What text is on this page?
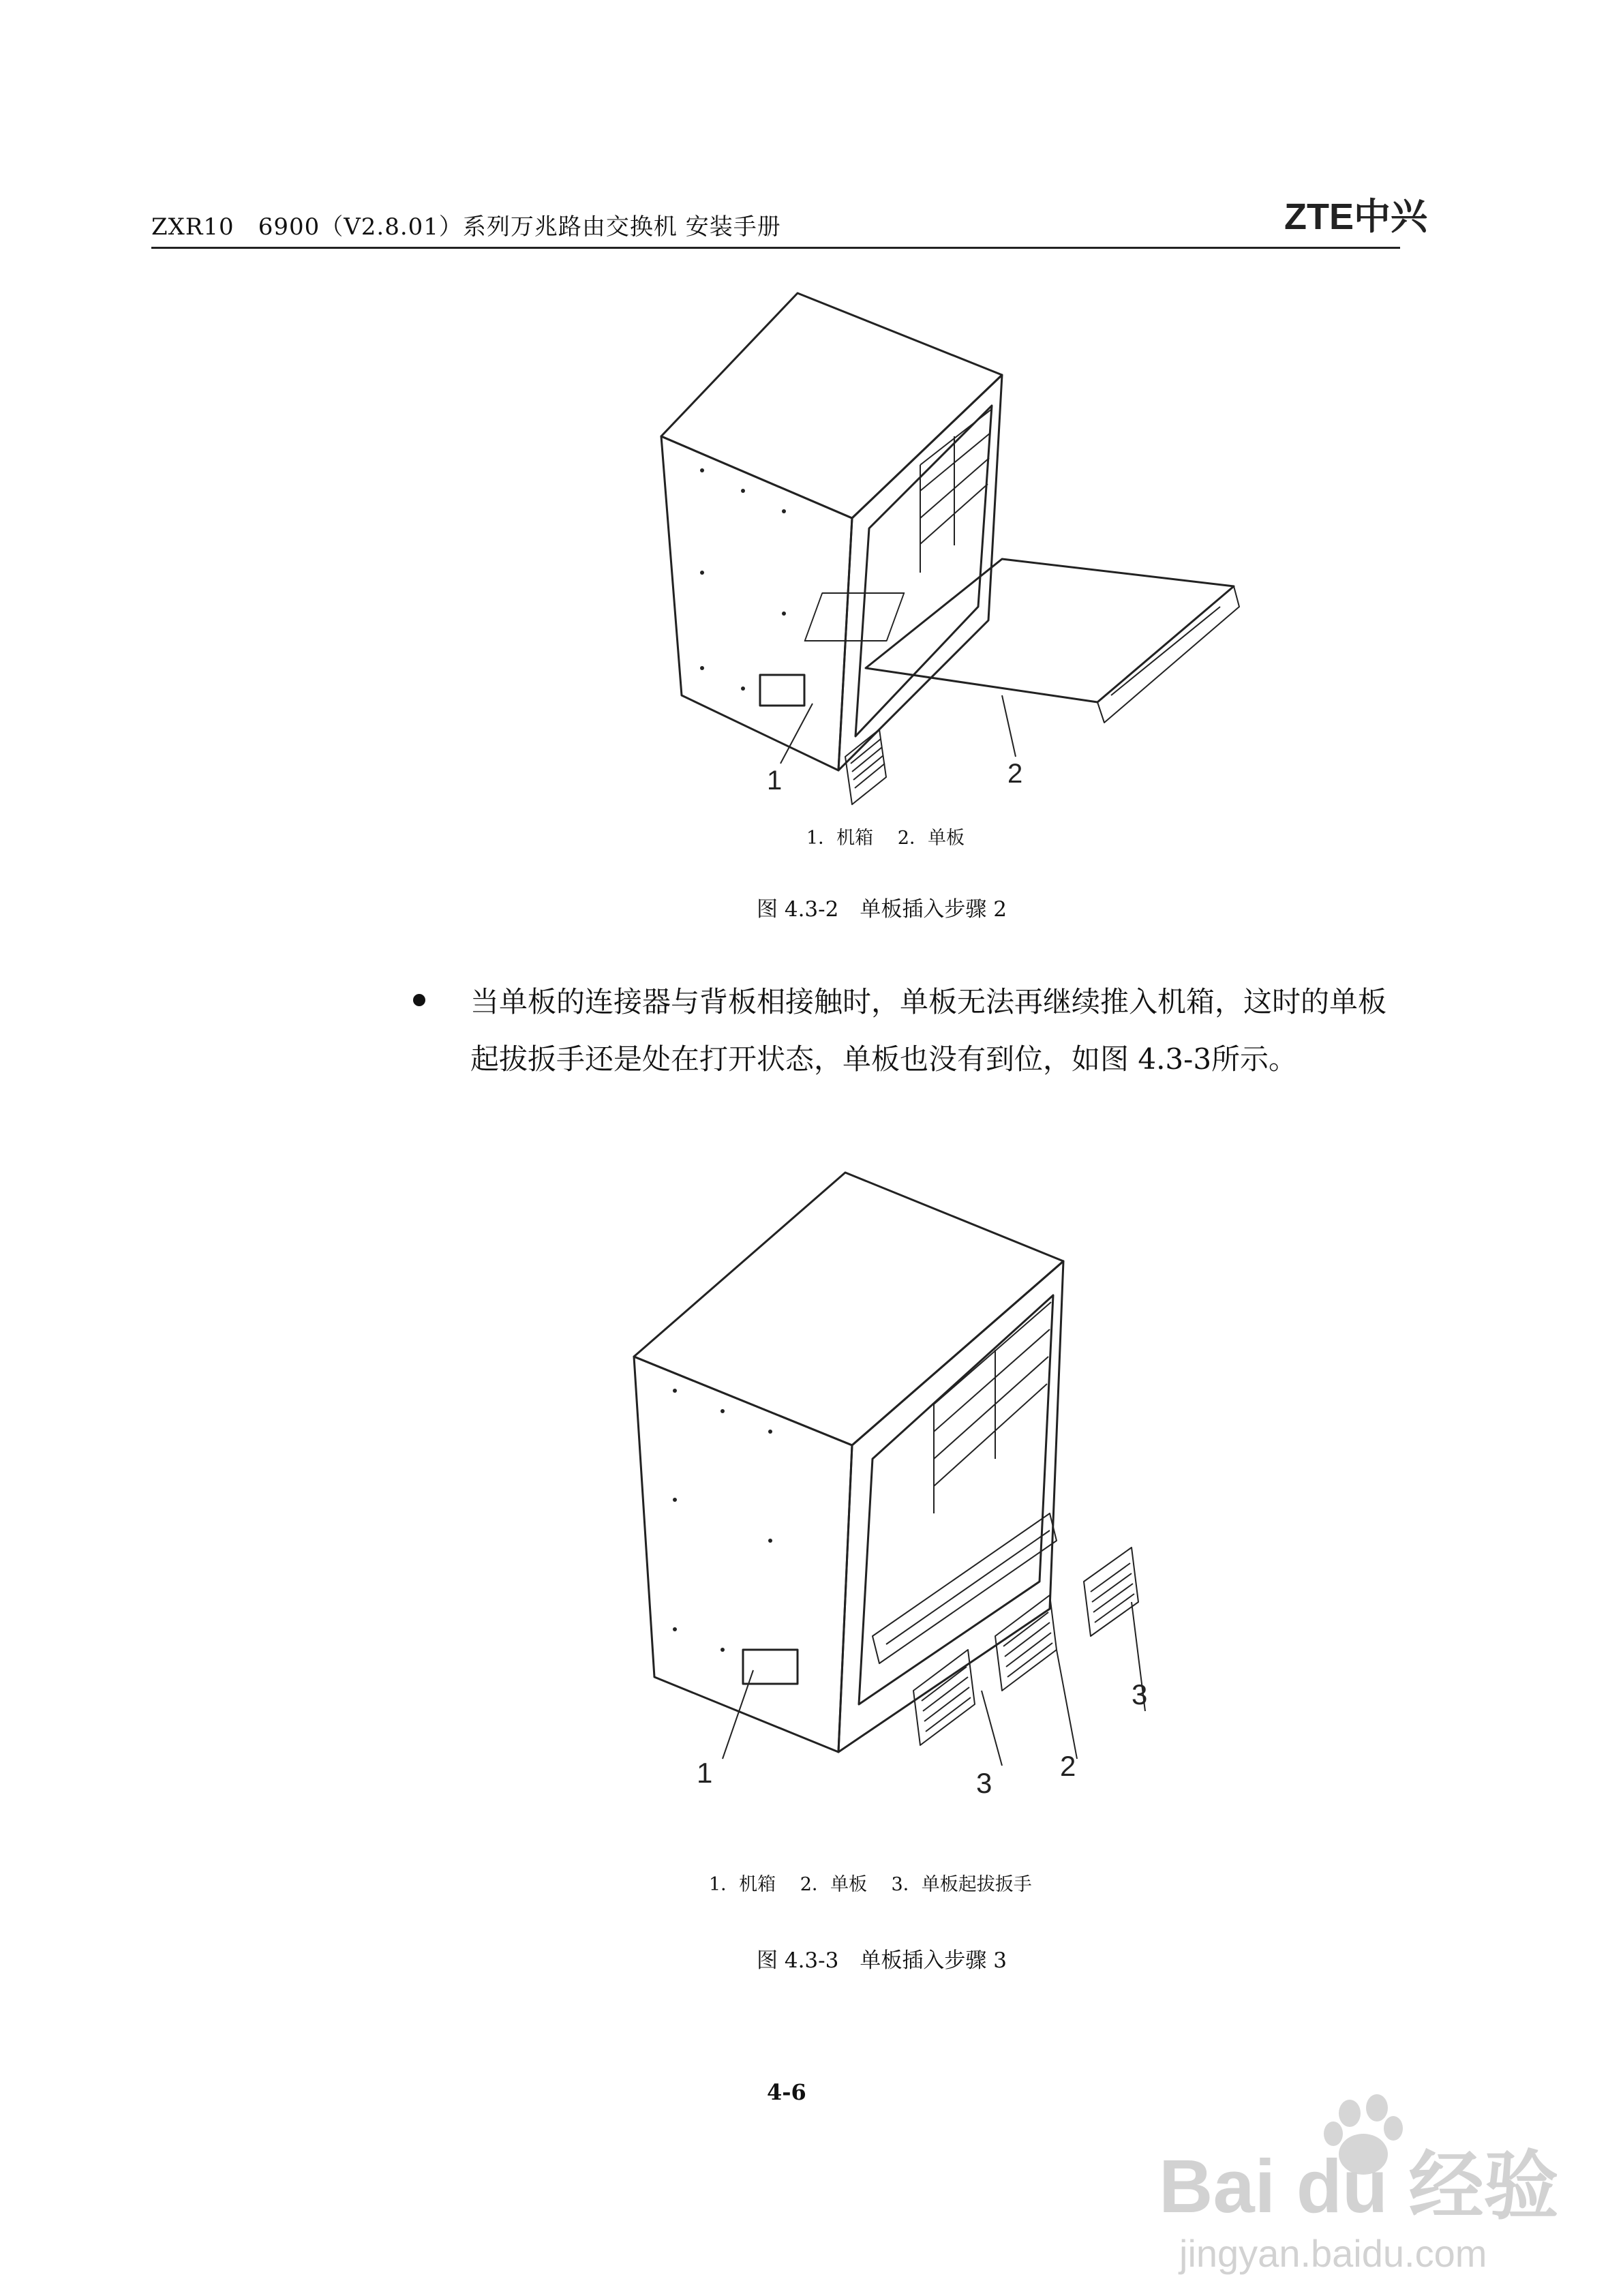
ZXR10　6900（V2.8.01）系列万兆路由交换机 安装手册	ZTE中兴
1	2
1．机箱　 2．单板
图 4.3-2　单板插入步骤 2
当单板的连接器与背板相接触时，单板无法再继续推入机箱，这时的单板
起拔扳手还是处在打开状态，单板也没有到位，如图 4.3-3所示。
1	2
3
3
1．机箱　 2．单板　 3．单板起拔扳手
图 4.3-3　单板插入步骤 3
4-6
Bai du 经验
jingyan.baidu.com
